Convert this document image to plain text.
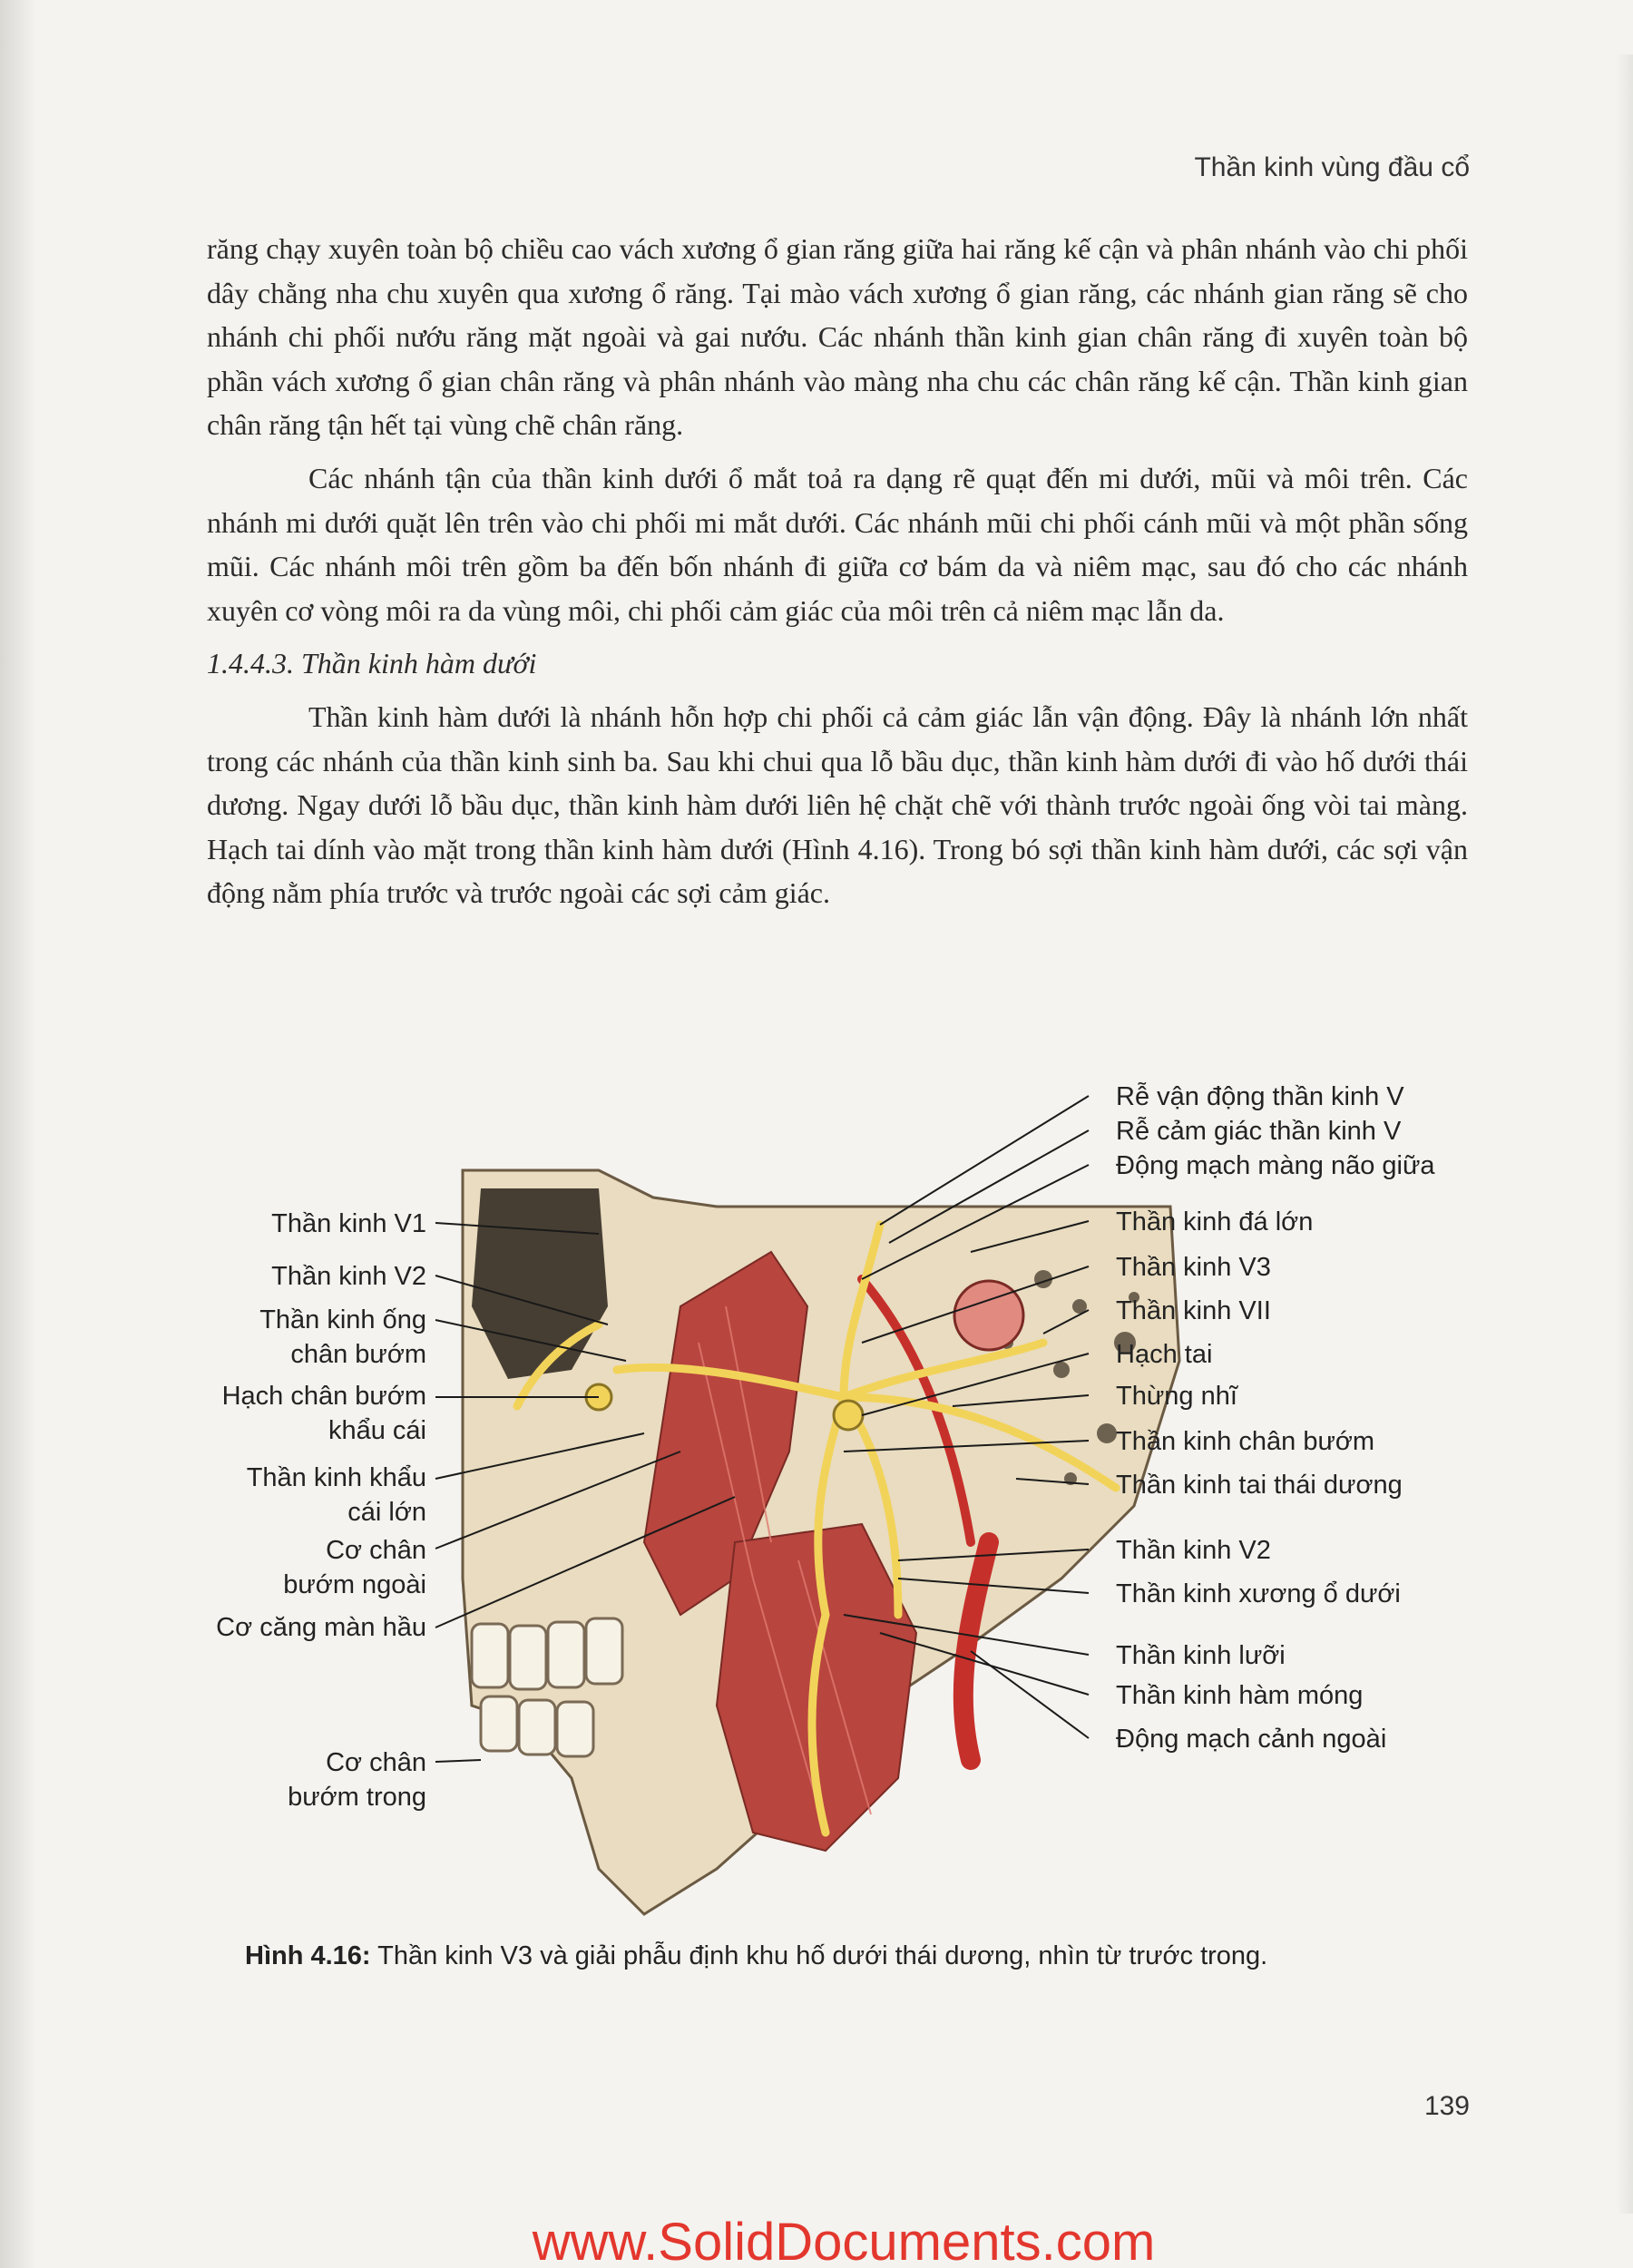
Thần kinh vùng đầu cổ

răng chạy xuyên toàn bộ chiều cao vách xương ổ gian răng giữa hai răng kế cận và phân nhánh vào chi phối dây chằng nha chu xuyên qua xương ổ răng. Tại mào vách xương ổ gian răng, các nhánh gian răng sẽ cho nhánh chi phối nướu răng mặt ngoài và gai nướu. Các nhánh thần kinh gian chân răng đi xuyên toàn bộ phần vách xương ổ gian chân răng và phân nhánh vào màng nha chu các chân răng kế cận. Thần kinh gian chân răng tận hết tại vùng chẽ chân răng.

Các nhánh tận của thần kinh dưới ổ mắt toả ra dạng rẽ quạt đến mi dưới, mũi và môi trên. Các nhánh mi dưới quặt lên trên vào chi phối mi mắt dưới. Các nhánh mũi chi phối cánh mũi và một phần sống mũi. Các nhánh môi trên gồm ba đến bốn nhánh đi giữa cơ bám da và niêm mạc, sau đó cho các nhánh xuyên cơ vòng môi ra da vùng môi, chi phối cảm giác của môi trên cả niêm mạc lẫn da.

1.4.4.3. Thần kinh hàm dưới

Thần kinh hàm dưới là nhánh hỗn hợp chi phối cả cảm giác lẫn vận động. Đây là nhánh lớn nhất trong các nhánh của thần kinh sinh ba. Sau khi chui qua lỗ bầu dục, thần kinh hàm dưới đi vào hố dưới thái dương. Ngay dưới lỗ bầu dục, thần kinh hàm dưới liên hệ chặt chẽ với thành trước ngoài ống vòi tai màng. Hạch tai dính vào mặt trong thần kinh hàm dưới (Hình 4.16). Trong bó sợi thần kinh hàm dưới, các sợi vận động nằm phía trước và trước ngoài các sợi cảm giác.

Thần kinh V1
Thần kinh V2
Thần kinh ống
chân bướm
Hạch chân bướm
khẩu cái
Thần kinh khẩu
cái lớn
Cơ chân
bướm ngoài
Cơ căng màn hầu
Cơ chân
bướm trong
Rễ vận động thần kinh V
Rễ cảm giác thần kinh V
Động mạch màng não giữa
Thần kinh đá lớn
Thần kinh V3
Thần kinh VII
Hạch tai
Thừng nhĩ
Thần kinh chân bướm
Thần kinh tai thái dương
Thần kinh V2
Thần kinh xương ổ dưới
Thần kinh lưỡi
Thần kinh hàm móng
Động mạch cảnh ngoài
Hình 4.16: Thần kinh V3 và giải phẫu định khu hố dưới thái dương, nhìn từ trước trong.
139
www.SolidDocuments.com
